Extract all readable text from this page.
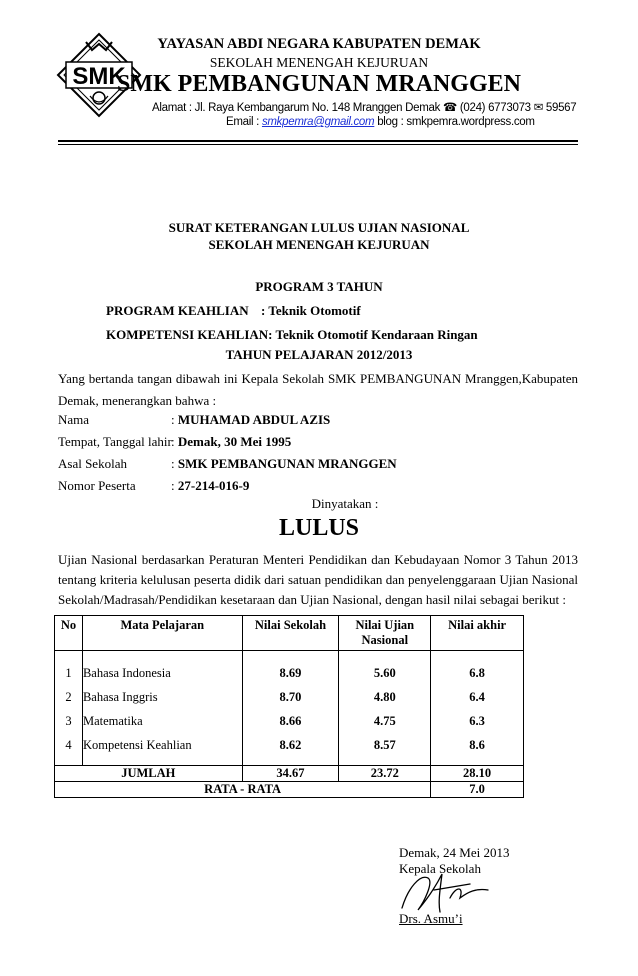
SMK
YAYASAN ABDI NEGARA KABUPATEN DEMAK
SEKOLAH MENENGAH KEJURUAN
SMK PEMBANGUNAN MRANGGEN
Alamat : Jl. Raya Kembangarum No. 148 Mranggen Demak ☎ (024) 6773073 ✉ 59567
Email : smkpemra@gmail.com blog : smkpemra.wordpress.com
SURAT KETERANGAN LULUS UJIAN NASIONAL
SEKOLAH MENENGAH KEJURUAN
PROGRAM 3 TAHUN
PROGRAM KEAHLIAN : Teknik Otomotif
KOMPETENSI KEAHLIAN: Teknik Otomotif Kendaraan Ringan
TAHUN PELAJARAN 2012/2013
Yang bertanda tangan dibawah ini Kepala Sekolah SMK PEMBANGUNAN Mranggen,Kabupaten Demak, menerangkan bahwa :
Nama	: MUHAMAD ABDUL AZIS
Tempat, Tanggal lahir : Demak, 30 Mei 1995
Asal Sekolah	: SMK PEMBANGUNAN MRANGGEN
Nomor Peserta	: 27-214-016-9
Dinyatakan :
LULUS
Ujian Nasional berdasarkan Peraturan Menteri Pendidikan dan Kebudayaan Nomor 3 Tahun 2013 tentang kriteria kelulusan peserta didik dari satuan pendidikan dan penyelenggaraan Ujian Nasional Sekolah/Madrasah/Pendidikan kesetaraan dan Ujian Nasional, dengan hasil nilai sebagai berikut :
No	Mata Pelajaran	Nilai Sekolah	Nilai Ujian Nasional	Nilai akhir

1	Bahasa Indonesia	8.69	5.60	6.8
2	Bahasa Inggris	8.70	4.80	6.4
3	Matematika	8.66	4.75	6.3
4	Kompetensi Keahlian	8.62	8.57	8.6

JUMLAH		34.67	23.72	28.10
RATA - RATA				7.0
Demak, 24 Mei 2013
Kepala Sekolah
Drs. Asmu’i
